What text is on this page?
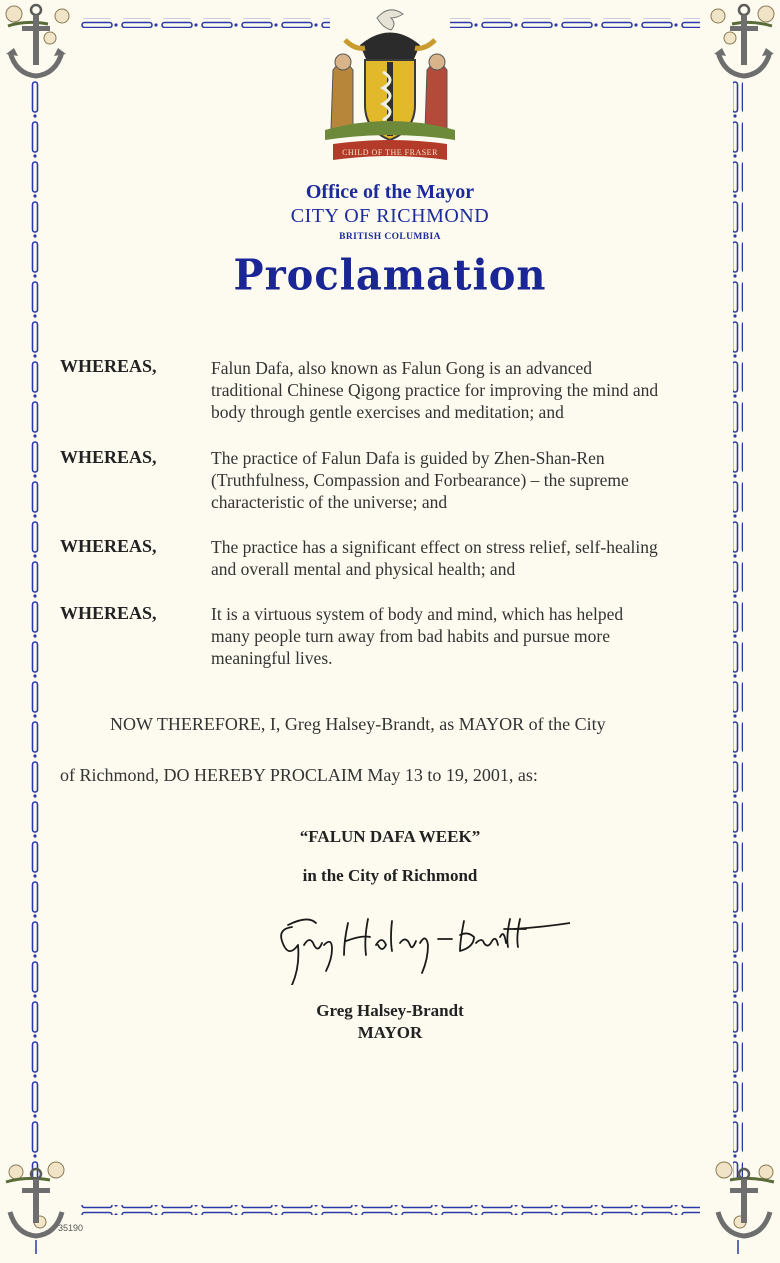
CHILD OF THE FRASER
Office of the Mayor
CITY OF RICHMOND
BRITISH COLUMBIA
Proclamation
WHEREAS,	Falun Dafa, also known as Falun Gong is an advanced
traditional Chinese Qigong practice for improving the mind and
body through gentle exercises and meditation; and
WHEREAS,	The practice of Falun Dafa is guided by Zhen-Shan-Ren
(Truthfulness, Compassion and Forbearance) – the supreme
characteristic of the universe; and
WHEREAS,	The practice has a significant effect on stress relief, self-healing
and overall mental and physical health; and
WHEREAS,	It is a virtuous system of body and mind, which has helped
many people turn away from bad habits and pursue more
meaningful lives.
NOW THEREFORE, I, Greg Halsey-Brandt, as MAYOR of the City
of Richmond, DO HEREBY PROCLAIM May 13 to 19, 2001, as:
“FALUN DAFA WEEK”
in the City of Richmond
Greg Halsey-Brandt
MAYOR
35190
